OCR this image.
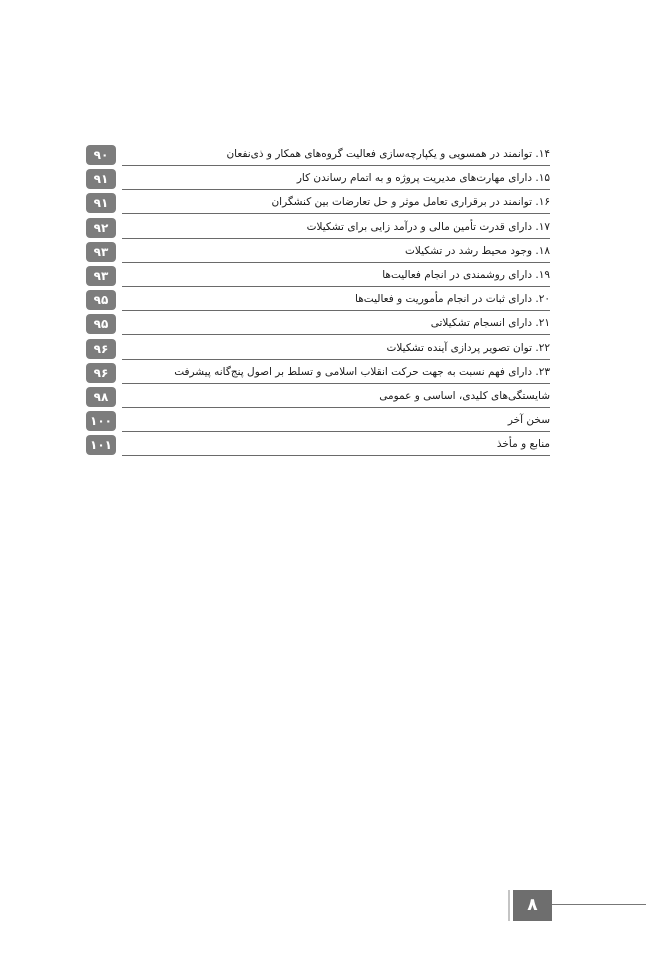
۹۰	۱۴. توانمند در همسویی و یکپارچه‌سازی فعالیت گروه‌های همکار و ذی‌نفعان
۹۱	۱۵. دارای مهارت‌های مدیریت پروژه و به اتمام رساندن کار
۹۱	۱۶. توانمند در برقراری تعامل موثر و حل تعارضات بین کنشگران
۹۲	۱۷. دارای قدرت تأمین مالی و درآمد زایی برای تشکیلات
۹۳	۱۸. وجود محیط رشد در تشکیلات
۹۳	۱۹. دارای روشمندی در انجام فعالیت‌ها
۹۵	۲۰. دارای ثبات در انجام مأموریت و فعالیت‌ها
۹۵	۲۱. دارای انسجام تشکیلاتی
۹۶	۲۲. توان تصویر پردازی آینده تشکیلات
۹۶	۲۳. دارای فهم نسبت به جهت حرکت انقلاب اسلامی و تسلط بر اصول پنج‌گانه پیشرفت
۹۸	شایستگی‌های کلیدی، اساسی و عمومی
۱۰۰	سخن آخر
۱۰۱	منابع و مأخذ
۸
